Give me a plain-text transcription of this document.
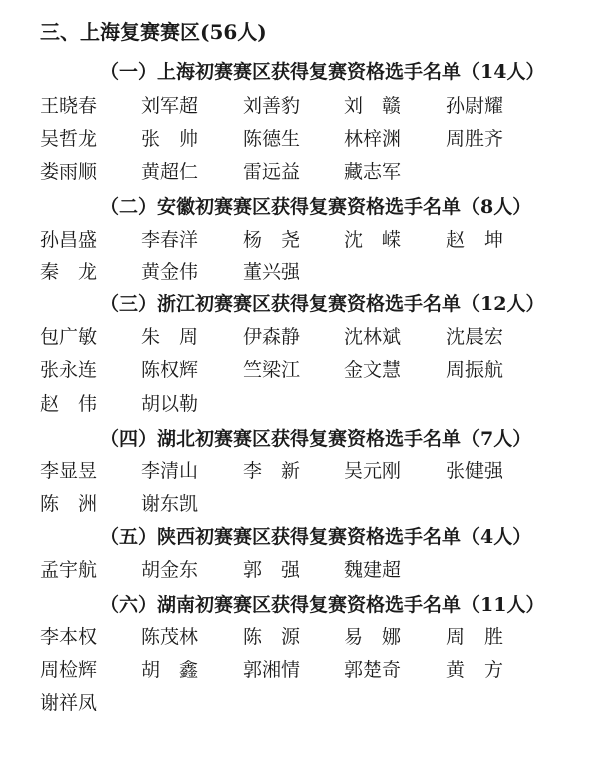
三、上海复赛赛区(56人)
（一）上海初赛赛区获得复赛资格选手名单（14人）
王晓春 刘军超 刘善豹 刘　赣 孙尉耀
吴哲龙 张　帅 陈德生 林梓渊 周胜齐
娄雨顺 黄超仁 雷远益 藏志军
（二）安徽初赛赛区获得复赛资格选手名单（8人）
孙昌盛 李春洋 杨　尧 沈　嵘 赵　坤
秦　龙 黄金伟 董兴强
（三）浙江初赛赛区获得复赛资格选手名单（12人）
包广敏 朱　周 伊森静 沈林斌 沈晨宏
张永连 陈权辉 竺梁江 金文慧 周振航
赵　伟 胡以勒
（四）湖北初赛赛区获得复赛资格选手名单（7人）
李显昱 李清山 李　新 吴元刚 张健强
陈　洲 谢东凯
（五）陕西初赛赛区获得复赛资格选手名单（4人）
孟宇航 胡金东 郭　强 魏建超
（六）湖南初赛赛区获得复赛资格选手名单（11人）
李本权 陈茂林 陈　源 易　娜 周　胜
周检辉 胡　鑫 郭湘情 郭楚奇 黄　方
谢祥凤
